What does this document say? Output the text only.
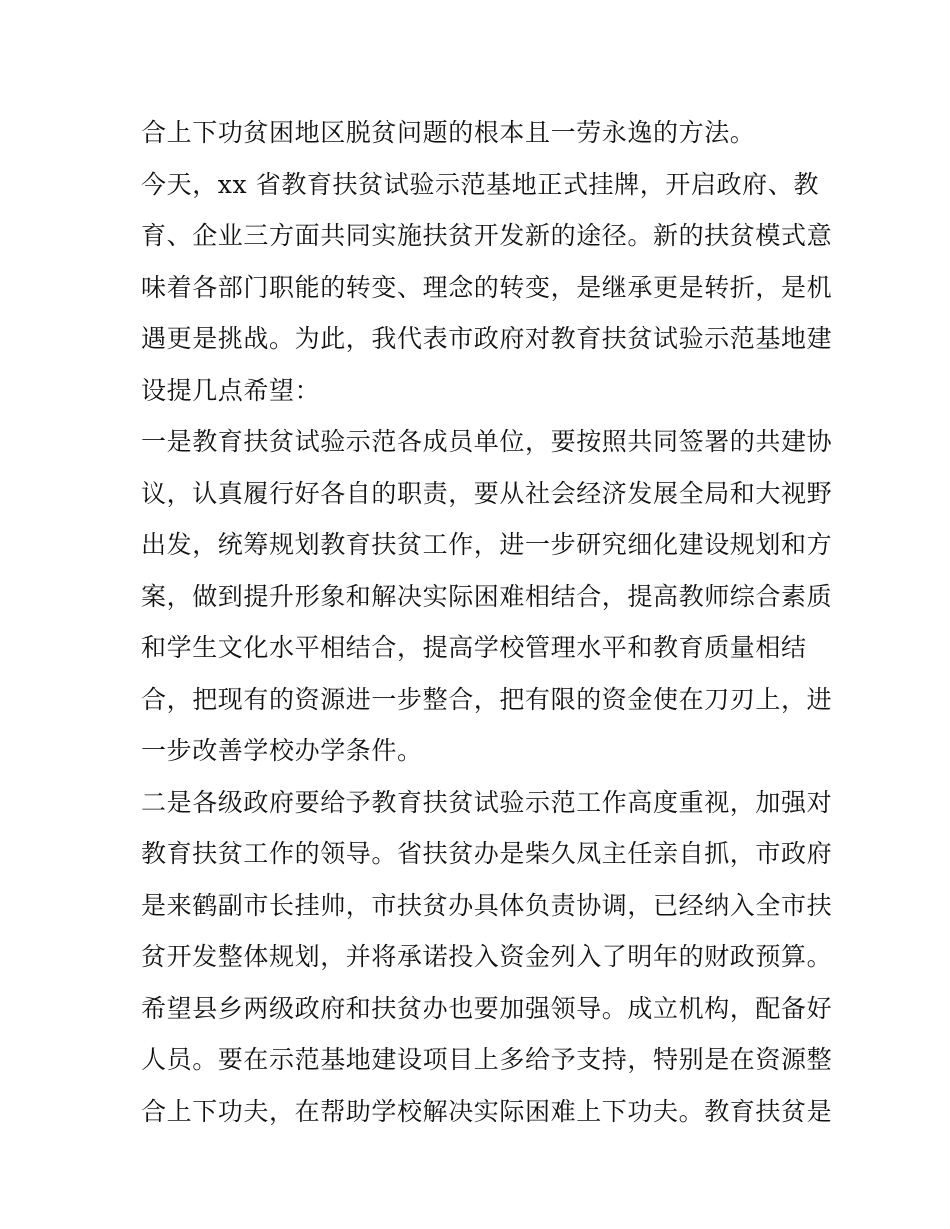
合上下功贫困地区脱贫问题的根本且一劳永逸的方法。
今天，xx 省教育扶贫试验示范基地正式挂牌，开启政府、教
育、企业三方面共同实施扶贫开发新的途径。新的扶贫模式意
味着各部门职能的转变、理念的转变，是继承更是转折，是机
遇更是挑战。为此，我代表市政府对教育扶贫试验示范基地建
设提几点希望：
一是教育扶贫试验示范各成员单位，要按照共同签署的共建协
议，认真履行好各自的职责，要从社会经济发展全局和大视野
出发，统筹规划教育扶贫工作，进一步研究细化建设规划和方
案，做到提升形象和解决实际困难相结合，提高教师综合素质
和学生文化水平相结合，提高学校管理水平和教育质量相结
合，把现有的资源进一步整合，把有限的资金使在刀刃上，进
一步改善学校办学条件。
二是各级政府要给予教育扶贫试验示范工作高度重视，加强对
教育扶贫工作的领导。省扶贫办是柴久凤主任亲自抓，市政府
是来鹤副市长挂帅，市扶贫办具体负责协调，已经纳入全市扶
贫开发整体规划，并将承诺投入资金列入了明年的财政预算。
希望县乡两级政府和扶贫办也要加强领导。成立机构，配备好
人员。要在示范基地建设项目上多给予支持，特别是在资源整
合上下功夫，在帮助学校解决实际困难上下功夫。教育扶贫是
